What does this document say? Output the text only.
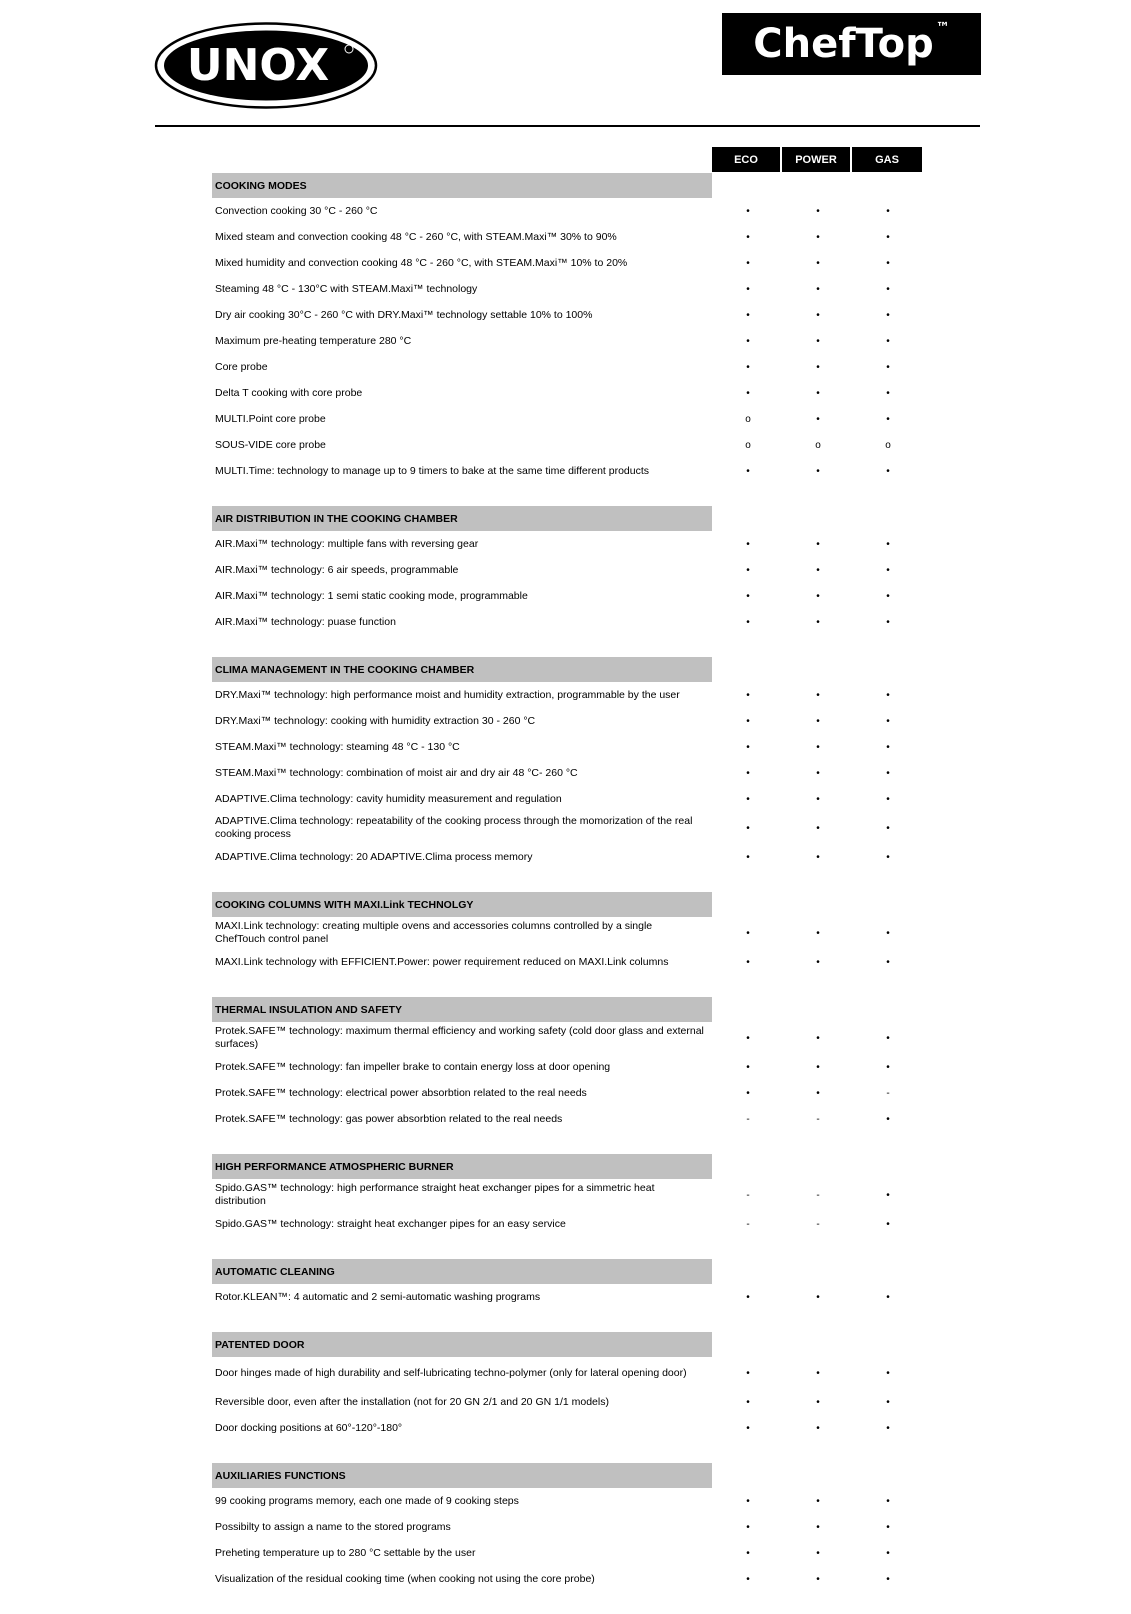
UNOX	ChefTop ™
ECO	POWER	GAS
COOKING MODES
Convection cooking 30 °C - 260 °C	•	•	•
Mixed steam and convection cooking 48 °C - 260 °C, with STEAM.Maxi™ 30% to 90%	•	•	•
Mixed humidity and convection cooking 48 °C - 260 °C, with STEAM.Maxi™ 10% to 20%	•	•	•
Steaming 48 °C - 130°C with STEAM.Maxi™ technology	•	•	•
Dry air cooking 30°C - 260 °C with DRY.Maxi™ technology settable 10% to 100%	•	•	•
Maximum pre-heating temperature 280 °C	•	•	•
Core probe	•	•	•
Delta T cooking with core probe	•	•	•
MULTI.Point core probe	o	•	•
SOUS-VIDE core probe	o	o	o
MULTI.Time: technology to manage up to 9 timers to bake at the same time different products	•	•	•
AIR DISTRIBUTION IN THE COOKING CHAMBER
AIR.Maxi™ technology: multiple fans with reversing gear	•	•	•
AIR.Maxi™ technology: 6 air speeds, programmable	•	•	•
AIR.Maxi™ technology: 1 semi static cooking mode, programmable	•	•	•
AIR.Maxi™ technology: puase function	•	•	•
CLIMA MANAGEMENT IN THE COOKING CHAMBER
DRY.Maxi™ technology: high performance moist and humidity extraction, programmable by the user	•	•	•
DRY.Maxi™ technology: cooking with humidity extraction 30 - 260 °C	•	•	•
STEAM.Maxi™ technology: steaming 48 °C - 130 °C	•	•	•
STEAM.Maxi™ technology: combination of moist air and dry air 48 °C- 260 °C	•	•	•
ADAPTIVE.Clima technology: cavity humidity measurement and regulation	•	•	•
ADAPTIVE.Clima technology: repeatability of the cooking process through the momorization of the real cooking process	•	•	•
ADAPTIVE.Clima technology: 20 ADAPTIVE.Clima process memory	•	•	•
COOKING COLUMNS WITH MAXI.Link TECHNOLGY
MAXI.Link technology: creating multiple ovens and accessories columns controlled by a single ChefTouch control panel	•	•	•
MAXI.Link technology with EFFICIENT.Power: power requirement reduced on MAXI.Link columns	•	•	•
THERMAL INSULATION AND SAFETY
Protek.SAFE™ technology: maximum thermal efficiency and working safety (cold door glass and external surfaces)	•	•	•
Protek.SAFE™ technology: fan impeller brake to contain energy loss at door opening	•	•	•
Protek.SAFE™ technology: electrical power absorbtion related to the real needs	•	•	-
Protek.SAFE™ technology: gas power absorbtion related to the real needs	-	-	•
HIGH PERFORMANCE ATMOSPHERIC BURNER
Spido.GAS™ technology: high performance straight heat exchanger pipes for a simmetric heat distribution	-	-	•
Spido.GAS™ technology: straight heat exchanger pipes for an easy service	-	-	•
AUTOMATIC CLEANING
Rotor.KLEAN™: 4 automatic and 2 semi-automatic washing programs	•	•	•
PATENTED DOOR
Door hinges made of high durability and self-lubricating techno-polymer (only for lateral opening door)	•	•	•
Reversible door, even after the installation (not for 20 GN 2/1 and 20 GN 1/1 models)	•	•	•
Door docking positions at 60°-120°-180°	•	•	•
AUXILIARIES FUNCTIONS
99 cooking programs memory, each one made of 9 cooking steps	•	•	•
Possibilty to assign a name to the stored programs	•	•	•
Preheting temperature up to 280 °C settable by the user	•	•	•
Visualization of the residual cooking time (when cooking not using the core probe)	•	•	•
